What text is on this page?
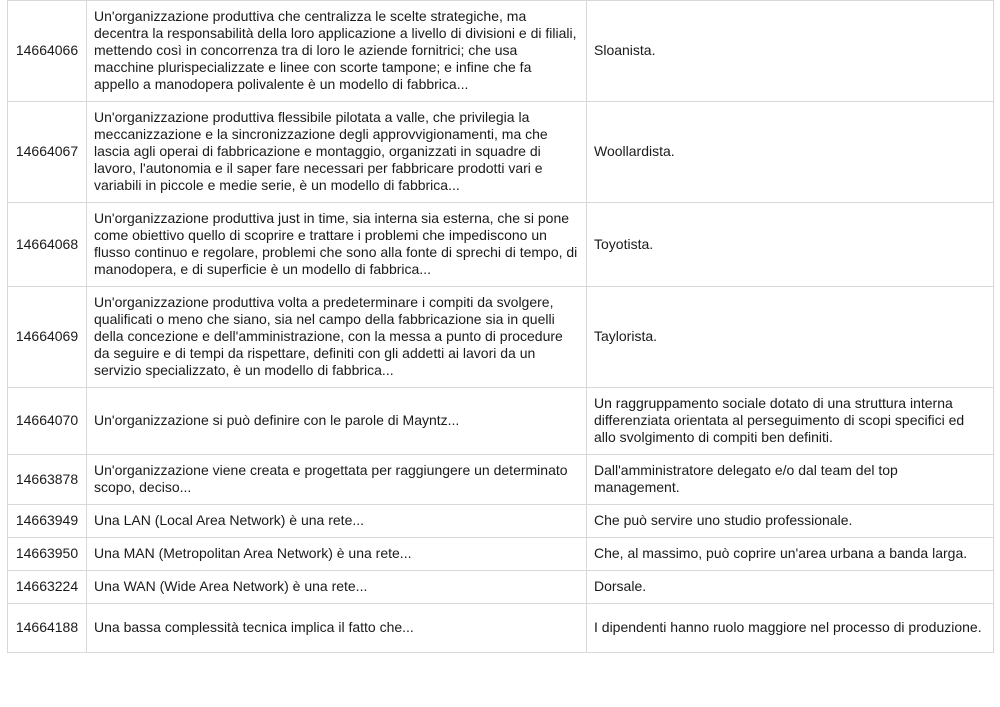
14664066	Un'organizzazione produttiva che centralizza le scelte strategiche, ma decentra la responsabilità della loro applicazione a livello di divisioni e di filiali, mettendo così in concorrenza tra di loro le aziende fornitrici; che usa macchine plurispecializzate e linee con scorte tampone; e infine che fa appello a manodopera polivalente è un modello di fabbrica...	Sloanista.
14664067	Un'organizzazione produttiva flessibile pilotata a valle, che privilegia la meccanizzazione e la sincronizzazione degli approvvigionamenti, ma che lascia agli operai di fabbricazione e montaggio, organizzati in squadre di lavoro, l'autonomia e il saper fare necessari per fabbricare prodotti vari e variabili in piccole e medie serie, è un modello di fabbrica...	Woollardista.
14664068	Un'organizzazione produttiva just in time, sia interna sia esterna, che si pone come obiettivo quello di scoprire e trattare i problemi che impediscono un flusso continuo e regolare, problemi che sono alla fonte di sprechi di tempo, di manodopera, e di superficie è un modello di fabbrica...	Toyotista.
14664069	Un'organizzazione produttiva volta a predeterminare i compiti da svolgere, qualificati o meno che siano, sia nel campo della fabbricazione sia in quelli della concezione e dell'amministrazione, con la messa a punto di procedure da seguire e di tempi da rispettare, definiti con gli addetti ai lavori da un servizio specializzato, è un modello di fabbrica...	Taylorista.
14664070	Un'organizzazione si può definire con le parole di Mayntz...	Un raggruppamento sociale dotato di una struttura interna differenziata orientata al perseguimento di scopi specifici ed allo svolgimento di compiti ben definiti.
14663878	Un'organizzazione viene creata e progettata per raggiungere un determinato scopo, deciso...	Dall'amministratore delegato e/o dal team del top management.
14663949	Una LAN (Local Area Network) è una rete...	Che può servire uno studio professionale.
14663950	Una MAN (Metropolitan Area Network) è una rete...	Che, al massimo, può coprire un'area urbana a banda larga.
14663224	Una WAN (Wide Area Network) è una rete...	Dorsale.
14664188	Una bassa complessità tecnica implica il fatto che...	I dipendenti hanno ruolo maggiore nel processo di produzione.
